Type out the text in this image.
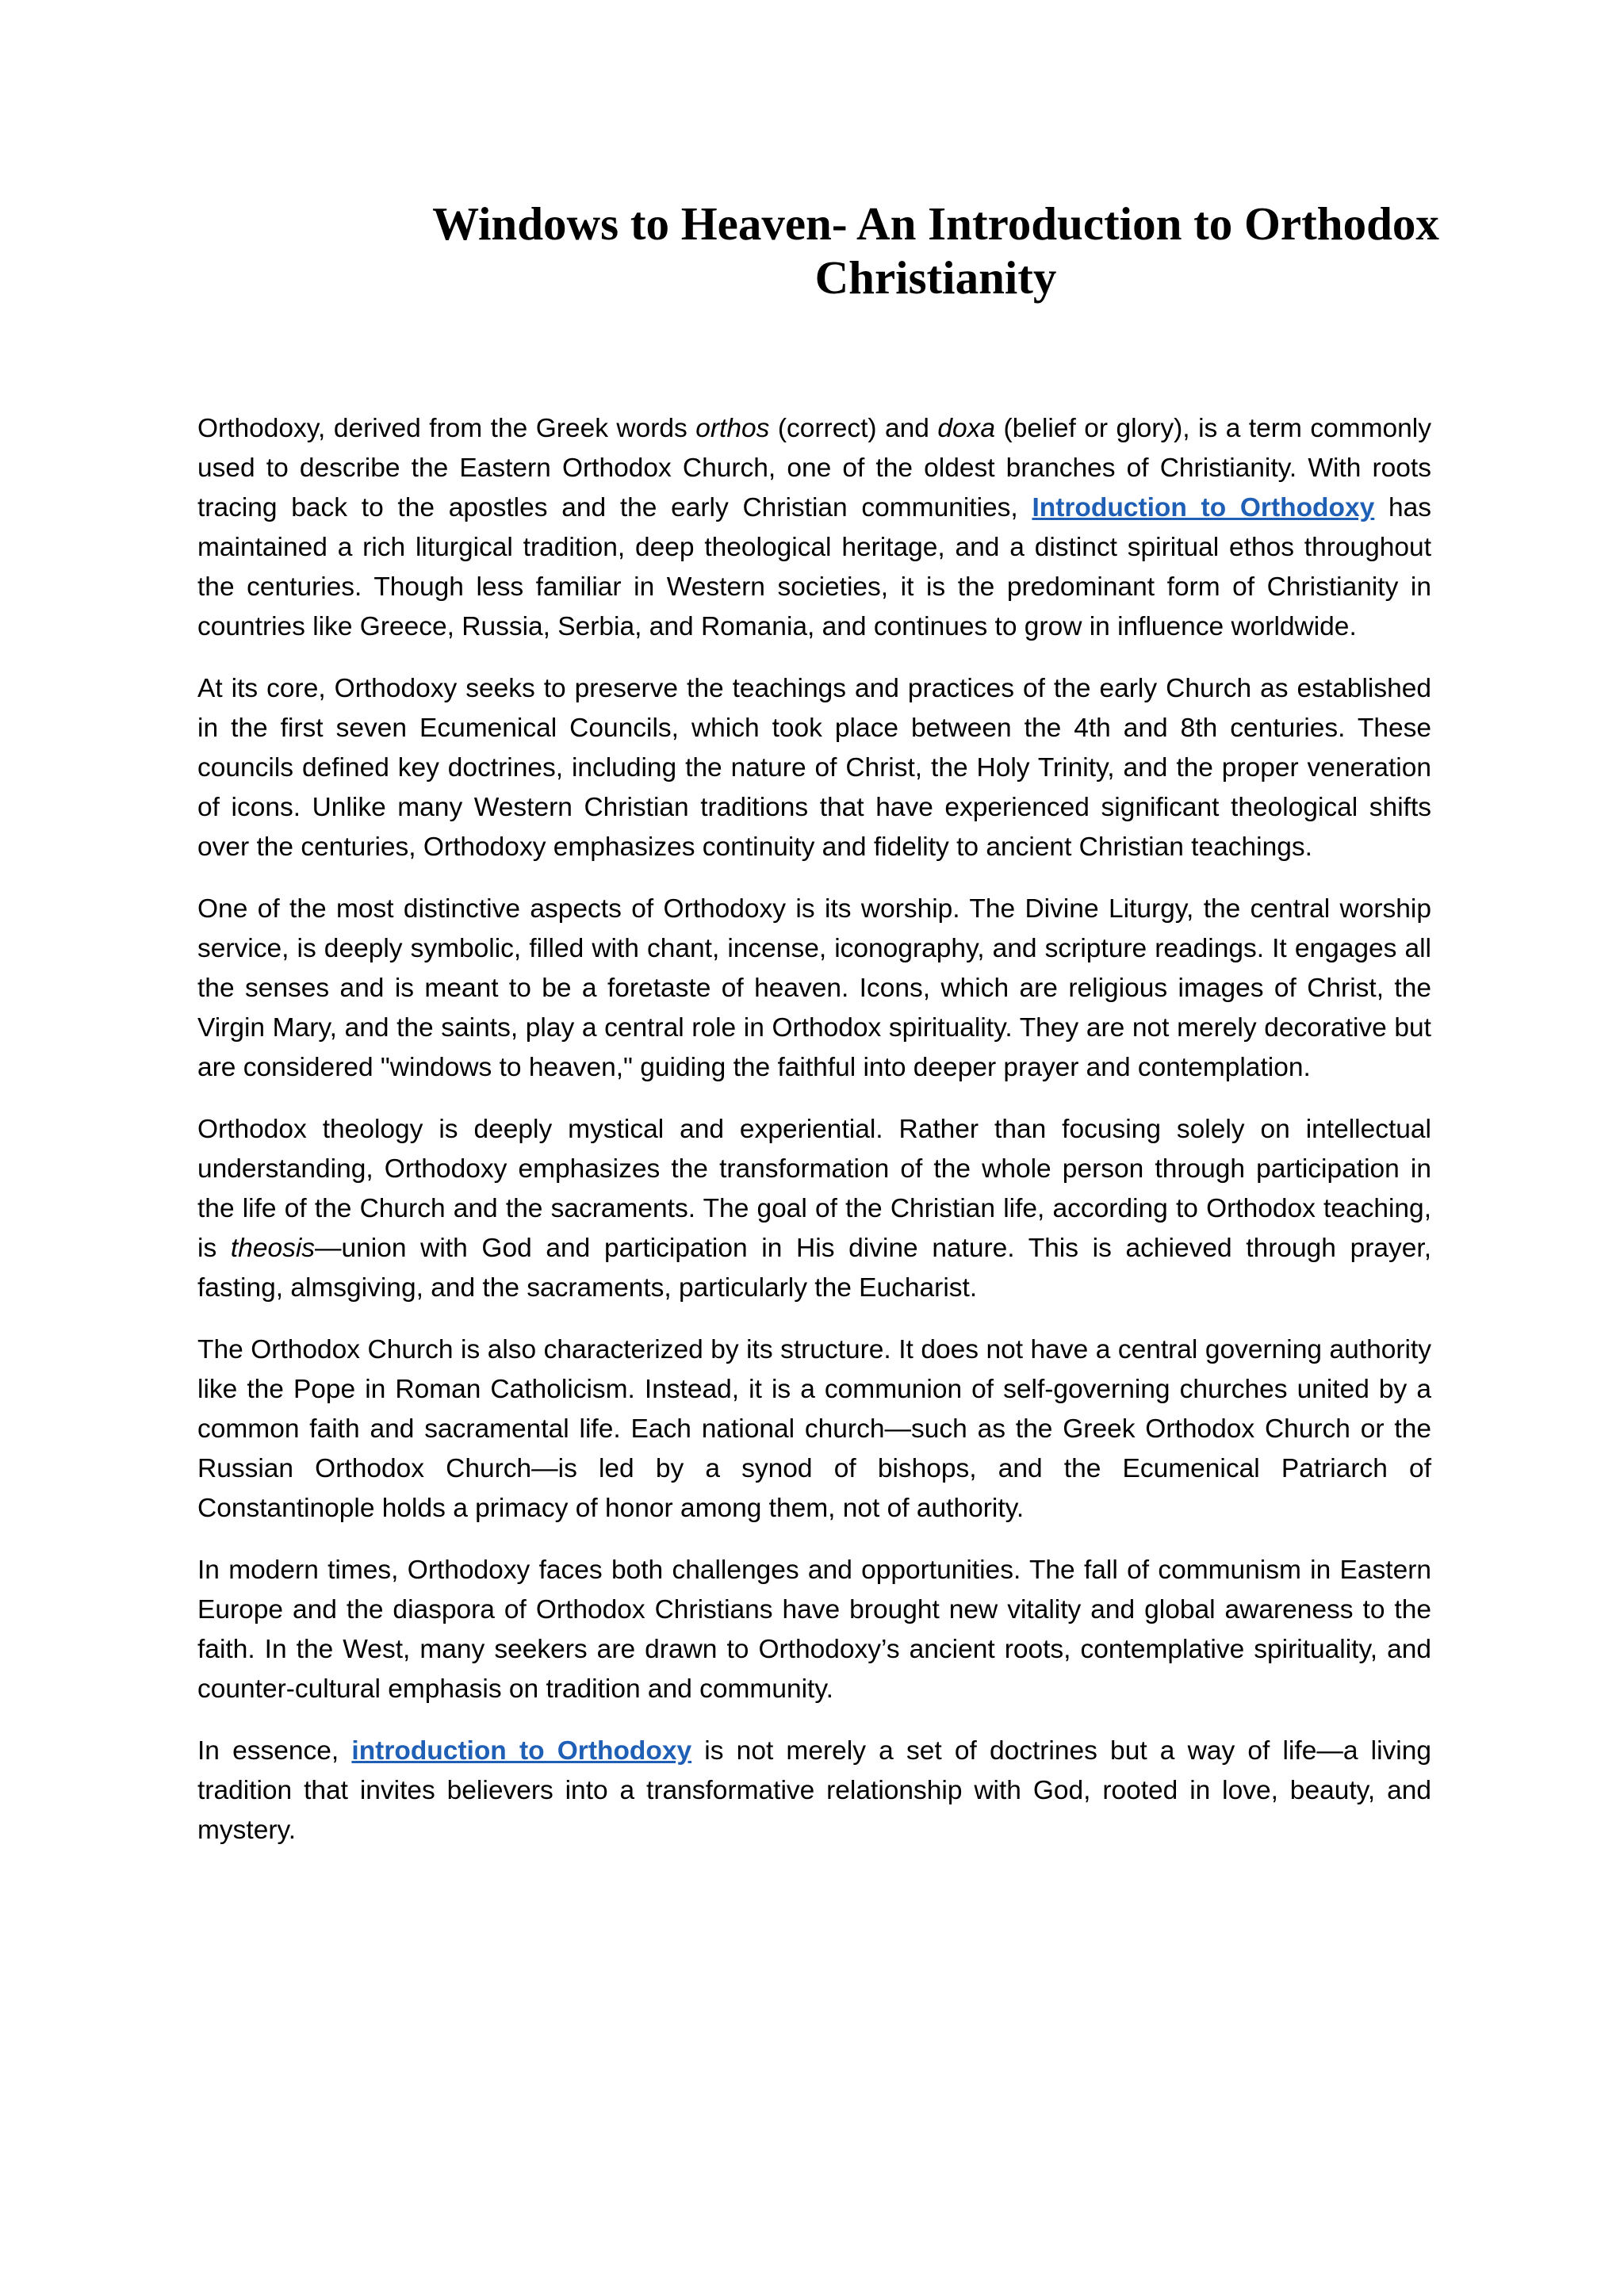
Windows to Heaven- An Introduction to Orthodox
Christianity

Orthodoxy, derived from the Greek words orthos (correct) and doxa (belief or glory), is a term commonly used to describe the Eastern Orthodox Church, one of the oldest branches of Christianity. With roots tracing back to the apostles and the early Christian communities, Introduction to Orthodoxy has maintained a rich liturgical tradition, deep theological heritage, and a distinct spiritual ethos throughout the centuries. Though less familiar in Western societies, it is the predominant form of Christianity in countries like Greece, Russia, Serbia, and Romania, and continues to grow in influence worldwide.

At its core, Orthodoxy seeks to preserve the teachings and practices of the early Church as established in the first seven Ecumenical Councils, which took place between the 4th and 8th centuries. These councils defined key doctrines, including the nature of Christ, the Holy Trinity, and the proper veneration of icons. Unlike many Western Christian traditions that have experienced significant theological shifts over the centuries, Orthodoxy emphasizes continuity and fidelity to ancient Christian teachings.

One of the most distinctive aspects of Orthodoxy is its worship. The Divine Liturgy, the central worship service, is deeply symbolic, filled with chant, incense, iconography, and scripture readings. It engages all the senses and is meant to be a foretaste of heaven. Icons, which are religious images of Christ, the Virgin Mary, and the saints, play a central role in Orthodox spirituality. They are not merely decorative but are considered "windows to heaven," guiding the faithful into deeper prayer and contemplation.

Orthodox theology is deeply mystical and experiential. Rather than focusing solely on intellectual understanding, Orthodoxy emphasizes the transformation of the whole person through participation in the life of the Church and the sacraments. The goal of the Christian life, according to Orthodox teaching, is theosis—union with God and participation in His divine nature. This is achieved through prayer, fasting, almsgiving, and the sacraments, particularly the Eucharist.

The Orthodox Church is also characterized by its structure. It does not have a central governing authority like the Pope in Roman Catholicism. Instead, it is a communion of self-governing churches united by a common faith and sacramental life. Each national church—such as the Greek Orthodox Church or the Russian Orthodox Church—is led by a synod of bishops, and the Ecumenical Patriarch of Constantinople holds a primacy of honor among them, not of authority.

In modern times, Orthodoxy faces both challenges and opportunities. The fall of communism in Eastern Europe and the diaspora of Orthodox Christians have brought new vitality and global awareness to the faith. In the West, many seekers are drawn to Orthodoxy’s ancient roots, contemplative spirituality, and counter-cultural emphasis on tradition and community.

In essence, introduction to Orthodoxy is not merely a set of doctrines but a way of life—a living tradition that invites believers into a transformative relationship with God, rooted in love, beauty, and mystery.
